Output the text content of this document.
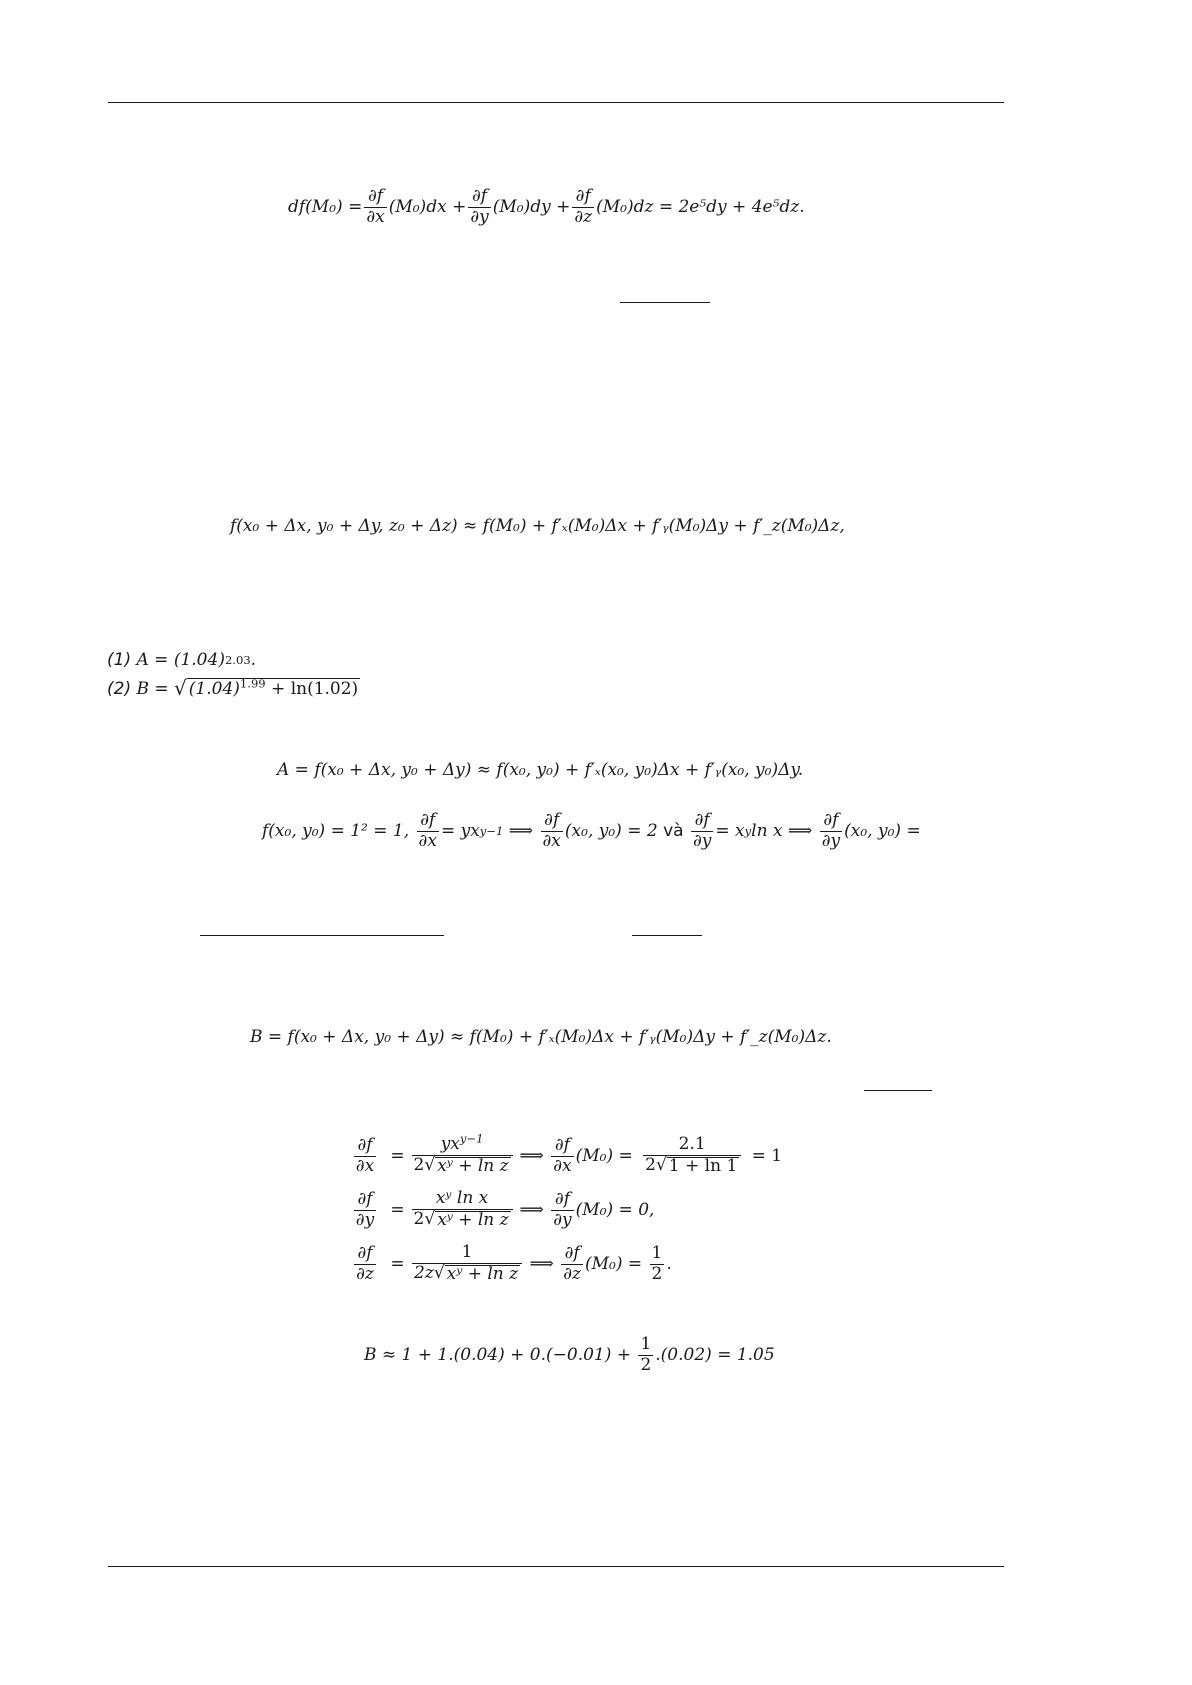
$df(M_0) = \frac{\partial f}{\partial x} (M_0)dx + \frac{\partial f}{\partial y} (M_0)dy + \frac{\partial f}{\partial z} (M_0)dz = 2e^5dy + 4e^5dz$.
f(x₀ + Δx, y₀ + Δy, z₀ + Δz) ≈ f(M₀) + f′ₓ(M₀)Δx + f′ᵧ(M₀)Δy + f′_z(M₀)Δz,
(1)
A = (1.04) 2.03 .
(2)
B =
√ $(1.04)^{1.99} + \ln(1.02)$
A = f(x₀ + Δx, y₀ + Δy) ≈ f(x₀, y₀) + f′ₓ(x₀, y₀)Δx + f′ᵧ(x₀, y₀)Δy.
f(x₀, y₀) = 1² = 1,
$\frac{\partial f}{\partial x}$ = yx y−1
⟹
$\frac{\partial f}{\partial x} (x_0$, y₀) = 2
và
$\frac{\partial f}{\partial y} = x$ y ln x
⟹
$\frac{\partial f}{\partial y} (x_0$, y₀) =
B = f(x₀ + Δx, y₀ + Δy) ≈ f(M₀) + f′ₓ(M₀)Δx + f′ᵧ(M₀)Δy + f′_z(M₀)Δz.
$\frac{\partial f}{\partial x} = \frac{yx^{y-1}}{\text{2 √ xʸ + ln z}}$
⟹
$\frac{\partial f}{\partial x} (M_0)$ =
$\frac{2.1}{2 √ 1 + \ln 1}$
= 1
$\frac{\partial f}{\partial y} = \frac{\text{xʸ ln x}}{\text{2 √ xʸ + ln z}}$
⟹
$\frac{\partial f}{\partial y} (M_0) = 0$,
$\frac{\partial f}{\partial z} = \frac{1}{\text{2z √ xʸ + ln z}}$
⟹
$\frac{\partial f}{\partial z} (M_0)$ =
$\frac{1}{2}$ .
B ≈ 1 + 1.(0.04) + 0.(−0.01) +
$\frac{1}{2} .(0.02) = 1.05$
